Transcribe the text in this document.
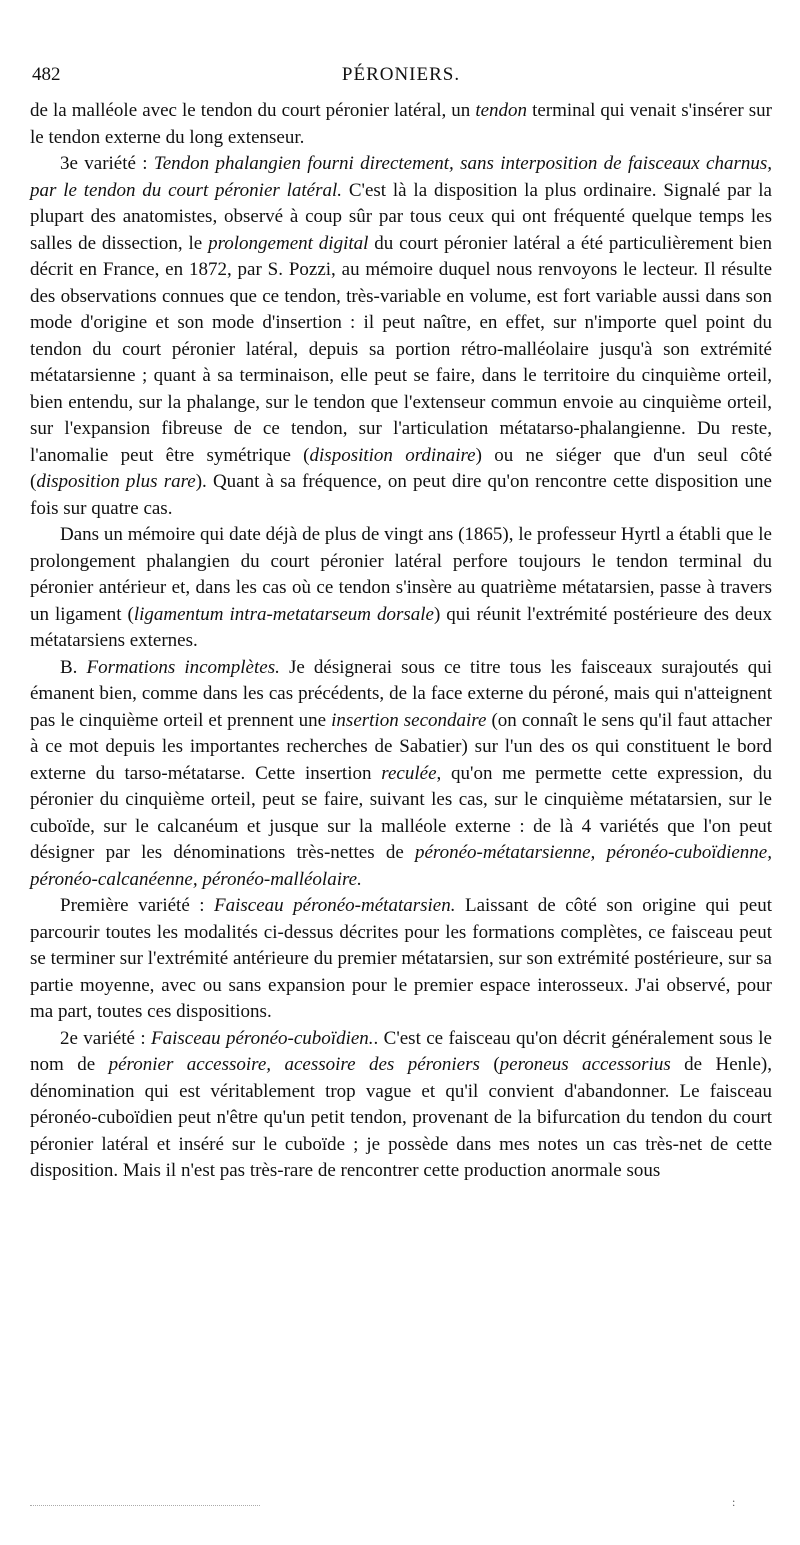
482	PÉRONIERS.

de la malléole avec le tendon du court péronier latéral, un tendon terminal qui venait s'insérer sur le tendon externe du long extenseur.

3e variété : Tendon phalangien fourni directement, sans interposition de faisceaux charnus, par le tendon du court péronier latéral. C'est là la disposition la plus ordinaire. Signalé par la plupart des anatomistes, observé à coup sûr par tous ceux qui ont fréquenté quelque temps les salles de dissection, le prolongement digital du court péronier latéral a été particulièrement bien décrit en France, en 1872, par S. Pozzi, au mémoire duquel nous renvoyons le lecteur. Il résulte des observations connues que ce tendon, très-variable en volume, est fort variable aussi dans son mode d'origine et son mode d'insertion : il peut naître, en effet, sur n'importe quel point du tendon du court péronier latéral, depuis sa portion rétro-malléolaire jusqu'à son extrémité métatarsienne ; quant à sa terminaison, elle peut se faire, dans le territoire du cinquième orteil, bien entendu, sur la phalange, sur le tendon que l'extenseur commun envoie au cinquième orteil, sur l'expansion fibreuse de ce tendon, sur l'articulation métatarso-phalangienne. Du reste, l'anomalie peut être symétrique (disposition ordinaire) ou ne siéger que d'un seul côté (disposition plus rare). Quant à sa fréquence, on peut dire qu'on rencontre cette disposition une fois sur quatre cas.

Dans un mémoire qui date déjà de plus de vingt ans (1865), le professeur Hyrtl a établi que le prolongement phalangien du court péronier latéral perfore toujours le tendon terminal du péronier antérieur et, dans les cas où ce tendon s'insère au quatrième métatarsien, passe à travers un ligament (ligamentum intra-metatarseum dorsale) qui réunit l'extrémité postérieure des deux métatarsiens externes.

B. Formations incomplètes. Je désignerai sous ce titre tous les faisceaux surajoutés qui émanent bien, comme dans les cas précédents, de la face externe du péroné, mais qui n'atteignent pas le cinquième orteil et prennent une insertion secondaire (on connaît le sens qu'il faut attacher à ce mot depuis les importantes recherches de Sabatier) sur l'un des os qui constituent le bord externe du tarso-métatarse. Cette insertion reculée, qu'on me permette cette expression, du péronier du cinquième orteil, peut se faire, suivant les cas, sur le cinquième métatarsien, sur le cuboïde, sur le calcanéum et jusque sur la malléole externe : de là 4 variétés que l'on peut désigner par les dénominations très-nettes de péronéo-métatarsienne, péronéo-cuboïdienne, péronéo-calcanéenne, péronéo-malléolaire.

Première variété : Faisceau péronéo-métatarsien. Laissant de côté son origine qui peut parcourir toutes les modalités ci-dessus décrites pour les formations complètes, ce faisceau peut se terminer sur l'extrémité antérieure du premier métatarsien, sur son extrémité postérieure, sur sa partie moyenne, avec ou sans expansion pour le premier espace interosseux. J'ai observé, pour ma part, toutes ces dispositions.

2e variété : Faisceau péronéo-cuboïdien.. C'est ce faisceau qu'on décrit généralement sous le nom de péronier accessoire, acessoire des péroniers (peroneus accessorius de Henle), dénomination qui est véritablement trop vague et qu'il convient d'abandonner. Le faisceau péronéo-cuboïdien peut n'être qu'un petit tendon, provenant de la bifurcation du tendon du court péronier latéral et inséré sur le cuboïde ; je possède dans mes notes un cas très-net de cette disposition. Mais il n'est pas très-rare de rencontrer cette production anormale sous

:
